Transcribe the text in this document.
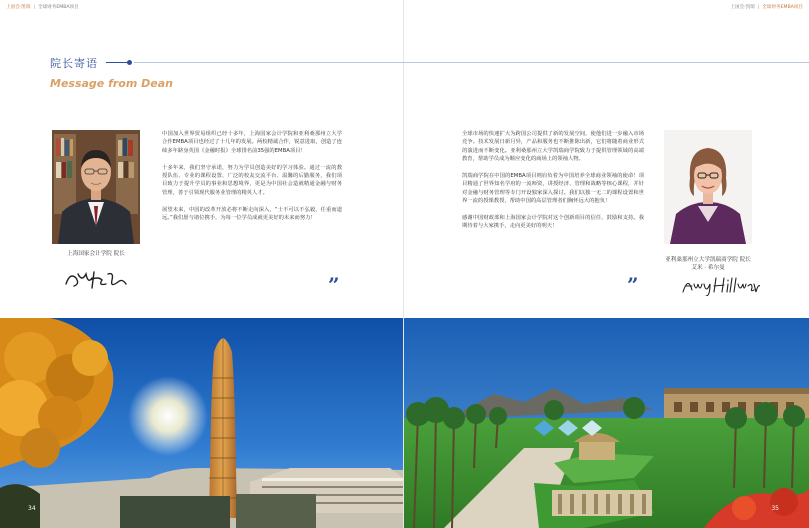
上国会·凯瑞 | 全球财务EMBA项目	上国会·凯瑞 | 全球财务EMBA项目
院长寄语
Message from Dean
上海国家会计学院 院长

中国加入世界贸易组织已经十多年，上海国家会计学院和亚利桑那州立大学合作EMBA项目也经过了十几年的发展。两校精诚合作，锐意进取，创造了连续多年跻身英国《金融时报》全球排名前35强的EMBA项目！

十多年来，我们坚守承诺，努力为学员创造美好的学习体验。通过一流的教授队伍、专业的课程设置、广泛的校友交流平台、温馨的后勤服务，我们项目致力于提升学员的事业和思想境界，更是为中国社会造就精通金融与财务管理，善于引领现代服务业管理的精英人才。

展望未来，中国的改革开放必将不断走向深入，“士不可以不弘毅，任重而道远。”我们愿与诸位携手，为每一位学员成就更美好的未来而努力！

”

全球市场的快速扩大为跨国公司提供了新的发展空间，使他们进一步融入市场竞争。技术发展日新月异，产品和服务也不断推陈出新，它们将随着商业形式的演进而不断变化。亚利桑那州立大学凯瑞商学院致力于提供管理领域的高端教育，帮助学员成为顺应变化的商场上的领袖人物。

凯瑞商学院在中国的EMBA项目则肩负着为中国培养全球商业领袖的使命！项目精通了世界知名学府的一流师资，讲授经济、管理和战略等核心课程，并针对金融与财务管理等专门开设独家深入探讨。我们以独一无二的课程设置和世界一流的授课教授，帮助中国的高层管理者们胸怀远大的抱负！

感谢中国财政部和上海国家会计学院对这个创新项目的信任、鼓励和支持。我期待着与大家携手，走向更美好的明天！

”
亚利桑那州立大学凯瑞商学院 院长
艾米 · 希尔曼
34	35
